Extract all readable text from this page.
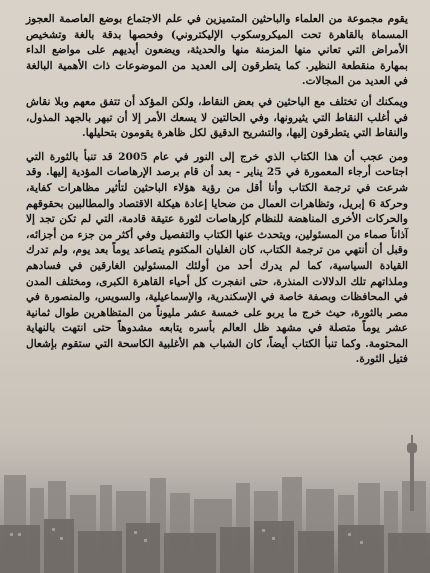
يقوم مجموعة من العلماء والباحثين المتميزين في علم الاجتماع بوضع العاصمة العجوز المسماة بالقاهرة تحت الميكروسكوب الإليكتروني) وفحصها بدقة بالغة وتشخيص الأمراض التي تعاني منها المزمنة منها والحديثة، ويضعون أيديهم على مواضع الداء بمهارة منقطعة النظير. كما يتطرقون إلى العديد من الموضوعات ذات الأهمية البالغة في العديد من المجالات.

ويمكنك أن تختلف مع الباحثين في بعض النقاط، ولكن المؤكد أن تتفق معهم وبلا نقاش في أغلب النقاط التي يثيرونها، وفي الحالتين لا يسعك الأمر إلا أن تبهر بالجهد المذول، والنقاط التي يتطرقون إليها، والتشريح الدقيق لكل ظاهرة يقومون بتحليلها.

ومن عجب أن هذا الكتاب الذي خرج إلى النور في عام 2005 قد تنبأ بالثورة التي اجتاحت أرجاء المعمورة في 25 يناير - بعد أن قام برصد الإرهاصات المؤدية إليها. وقد شرعت في ترجمة الكتاب وأنا أقل من رؤية هؤلاء الباحثين لتأثير مظاهرات كفاية، وحركة 6 إبريل، وتظاهرات العمال من ضحايا إعادة هيكلة الاقتصاد والمطالبين بحقوقهم والحركات الأخرى المناهضة للنظام كإرهاصات لثورة عتيقة قادمة، التي لم تكن تجد إلا آذاناً صماء من المسئولين، ويتحدث عنها الكتاب والتفصيل وفي أكثر من جزء من أجزائه، وقبل أن أنتهي من ترجمة الكتاب، كان الغليان المكتوم يتصاعد يوماً بعد يوم، ولم تدرك القيادة السياسية، كما لم يدرك أحد من أولئك المسئولين الغارقين في فسادهم وملذاتهم تلك الدلالات المنذرة، حتى انفجرت كل أحياء القاهرة الكبرى، ومختلف المدن في المحافظات وبصفة خاصة في الإسكندرية، والإسماعيلية، والسويس، والمنصورة في مصر بالثورة، حيث خرج ما يربو على خمسة عشر مليوناً من المتظاهرين طوال ثمانية عشر يوماً متصلة في مشهد ظل العالم بأسره يتابعه مشدوهاً حتى انتهت بالنهاية المحتومة. وكما تنبأ الكتاب أيضاً، كان الشباب هم الأغلبية الكاسحة التي ستقوم بإشعال فتيل الثورة.
